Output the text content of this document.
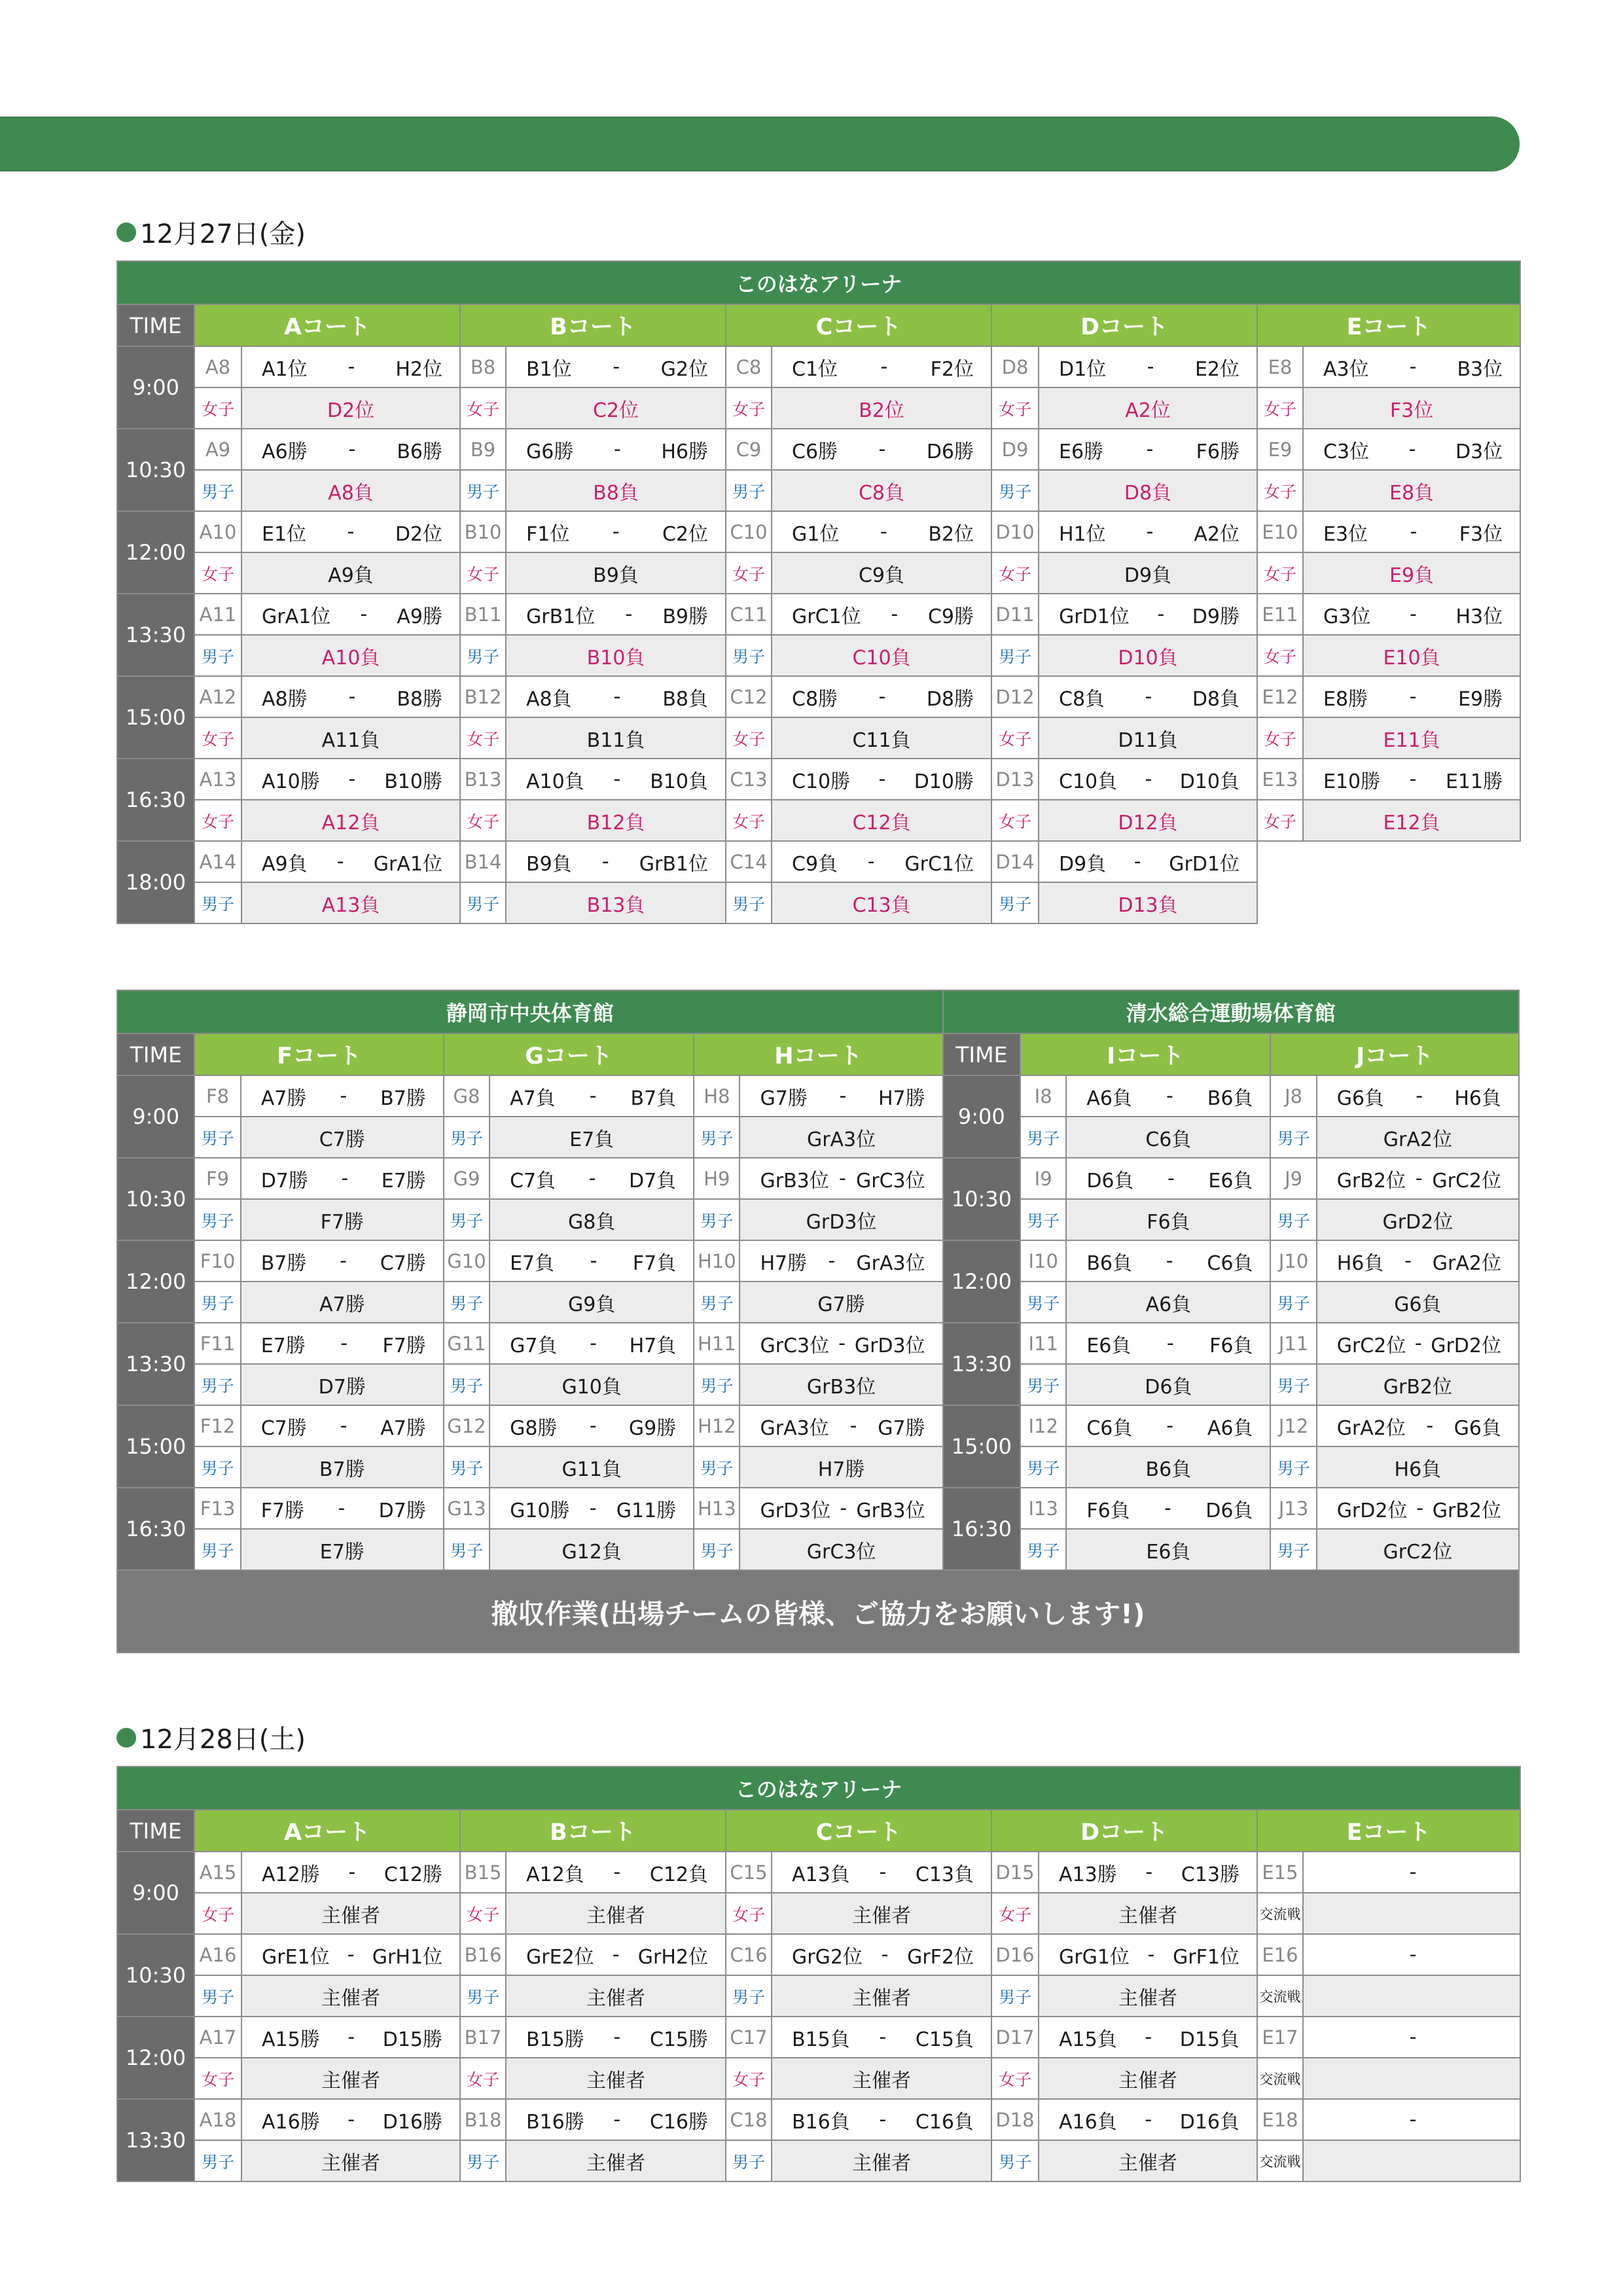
12月27日(金)
このはなアリーナ										
TIME	Aコート		Bコート		Cコート		Dコート		Eコート	
9:00	A8	A1位 - H2位	B8	B1位 - G2位	C8	C1位 - F2位	D8	D1位 - E2位	E8	A3位 - B3位

	女子	D2位	女子	C2位	女子	B2位	女子	A2位	女子	F3位
10:30	A9	A6勝 - B6勝	B9	G6勝 - H6勝	C9	C6勝 - D6勝	D9	E6勝 - F6勝	E9	C3位 - D3位

	男子	A8負	男子	B8負	男子	C8負	男子	D8負	女子	E8負
12:00	A10	E1位 - D2位	B10	F1位 - C2位	C10	G1位 - B2位	D10	H1位 - A2位	E10	E3位 - F3位

	女子	A9負	女子	B9負	女子	C9負	女子	D9負	女子	E9負
13:30	A11	GrA1位 - A9勝	B11	GrB1位 - B9勝	C11	GrC1位 - C9勝	D11	GrD1位 - D9勝	E11	G3位 - H3位

	男子	A10負	男子	B10負	男子	C10負	男子	D10負	女子	E10負
15:00	A12	A8勝 - B8勝	B12	A8負 - B8負	C12	C8勝 - D8勝	D12	C8負 - D8負	E12	E8勝 - E9勝

	女子	A11負	女子	B11負	女子	C11負	女子	D11負	女子	E11負
16:30	A13	A10勝 - B10勝	B13	A10負 - B10負	C13	C10勝 - D10勝	D13	C10負 - D10負	E13	E10勝 - E11勝

	女子	A12負	女子	B12負	女子	C12負	女子	D12負	女子	E12負
18:00	A14	A9負 - GrA1位	B14	B9負 - GrB1位	C14	C9負 - GrC1位	D14	D9負 - GrD1位		

	男子	A13負	男子	B13負	男子	C13負	男子	D13負		
静岡市中央体育館							清水総合運動場体育館				
TIME	Fコート		Gコート		Hコート		TIME	Iコート		Jコート	
9:00	F8	A7勝 - B7勝	G8	A7負 - B7負	H8	G7勝 - H7勝	9:00	I8	A6負 - B6負	J8	G6負 - H6負

	男子	C7勝	男子	E7負	男子	GrA3位		男子	C6負	男子	GrA2位
10:30	F9	D7勝 - E7勝	G9	C7負 - D7負	H9	GrB3位 - GrC3位	10:30	I9	D6負 - E6負	J9	GrB2位 - GrC2位

	男子	F7勝	男子	G8負	男子	GrD3位		男子	F6負	男子	GrD2位
12:00	F10	B7勝 - C7勝	G10	E7負 - F7負	H10	H7勝 - GrA3位	12:00	I10	B6負 - C6負	J10	H6負 - GrA2位

	男子	A7勝	男子	G9負	男子	G7勝		男子	A6負	男子	G6負
13:30	F11	E7勝 - F7勝	G11	G7負 - H7負	H11	GrC3位 - GrD3位	13:30	I11	E6負 - F6負	J11	GrC2位 - GrD2位

	男子	D7勝	男子	G10負	男子	GrB3位		男子	D6負	男子	GrB2位
15:00	F12	C7勝 - A7勝	G12	G8勝 - G9勝	H12	GrA3位 - G7勝	15:00	I12	C6負 - A6負	J12	GrA2位 - G6負

	男子	B7勝	男子	G11負	男子	H7勝		男子	B6負	男子	H6負
16:30	F13	F7勝 - D7勝	G13	G10勝 - G11勝	H13	GrD3位 - GrB3位	16:30	I13	F6負 - D6負	J13	GrD2位 - GrB2位

	男子	E7勝	男子	G12負	男子	GrC3位		男子	E6負	男子	GrC2位
撤収作業(出場チームの皆様、ご協力をお願いします!)											
12月28日(土)
このはなアリーナ										
TIME	Aコート		Bコート		Cコート		Dコート		Eコート	
9:00	A15	A12勝 - C12勝	B15	A12負 - C12負	C15	A13負 - C13負	D15	A13勝 - C13勝	E15	-

	女子	主催者	女子	主催者	女子	主催者	女子	主催者	交流戦	
10:30	A16	GrE1位 - GrH1位	B16	GrE2位 - GrH2位	C16	GrG2位 - GrF2位	D16	GrG1位 - GrF1位	E16	-

	男子	主催者	男子	主催者	男子	主催者	男子	主催者	交流戦	
12:00	A17	A15勝 - D15勝	B17	B15勝 - C15勝	C17	B15負 - C15負	D17	A15負 - D15負	E17	-

	女子	主催者	女子	主催者	女子	主催者	女子	主催者	交流戦	
13:30	A18	A16勝 - D16勝	B18	B16勝 - C16勝	C18	B16負 - C16負	D18	A16負 - D16負	E18	-

	男子	主催者	男子	主催者	男子	主催者	男子	主催者	交流戦	
